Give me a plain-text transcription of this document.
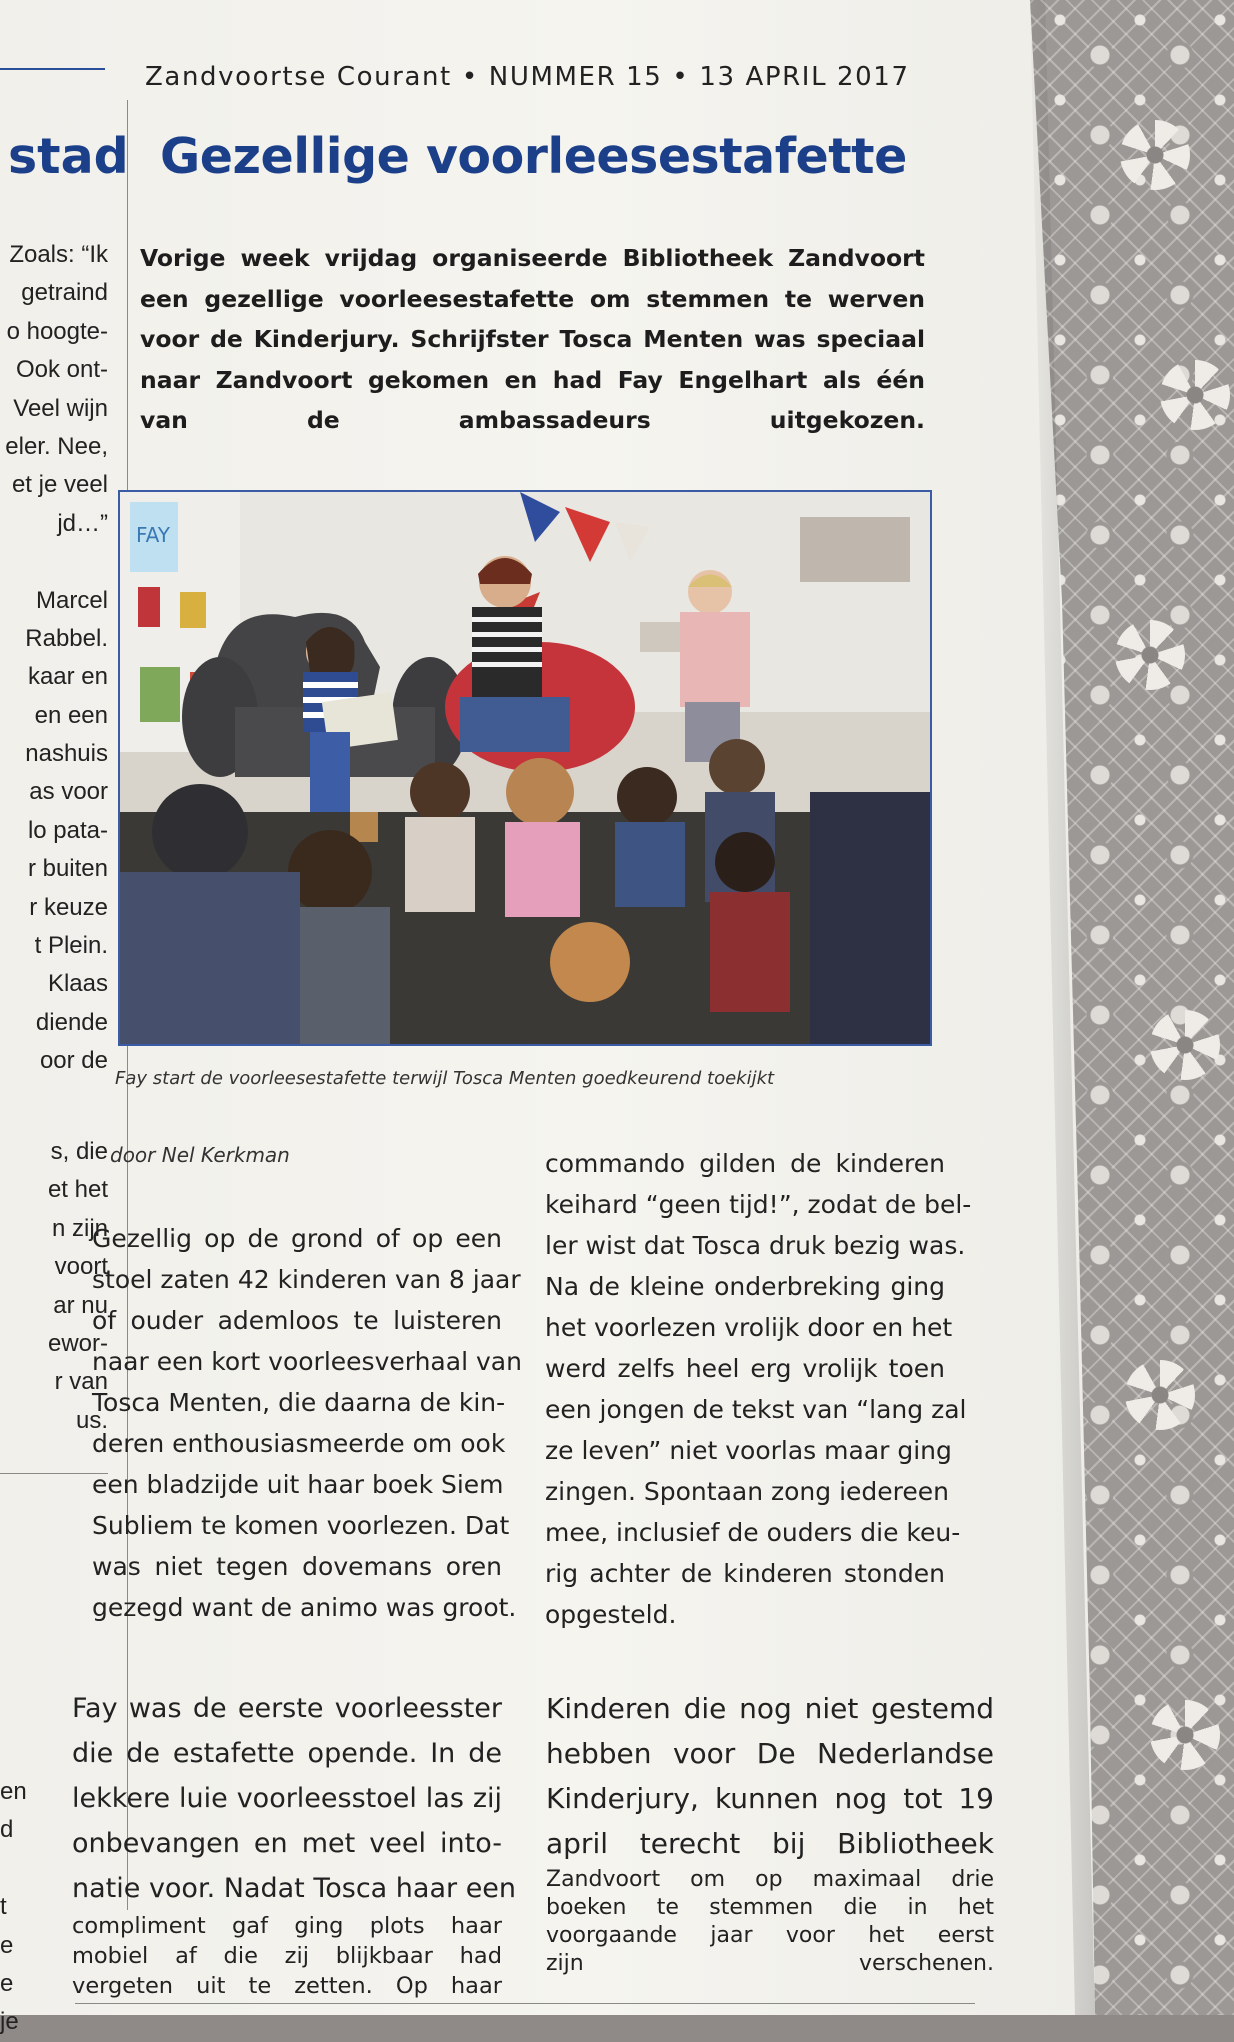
Zandvoortse Courant • NUMMER 15 • 13 APRIL 2017
stad
Zoals: “Ik
getraind
o hoogte-
Ook ont-
Veel wijn
eler. Nee,
et je veel
jd…”

Marcel
Rabbel.
kaar en
en een
nashuis
as voor
lo pata-
r buiten
r keuze
t Plein.
Klaas
diende
oor de
s, die
et het
n zijn
voort
ar nu
ewor-
r van
us.
en
d

t
e
e
je
Gezellige voorleesestafette
Vorige week vrijdag organiseerde Bibliotheek Zandvoort
een gezellige voorleesestafette om stemmen te werven
voor de Kinderjury. Schrijfster Tosca Menten was speciaal
naar Zandvoort gekomen en had Fay Engelhart als één
van de ambassadeurs uitgekozen.
FAY
Fay start de voorleesestafette terwijl Tosca Menten goedkeurend toekijkt
door Nel Kerkman
Gezellig op de grond of op een
stoel zaten 42 kinderen van 8 jaar
of ouder ademloos te luisteren
naar een kort voorleesverhaal van
Tosca Menten, die daarna de kin-
deren enthousiasmeerde om ook
een bladzijde uit haar boek Siem
Subliem te komen voorlezen. Dat
was niet tegen dovemans oren
gezegd want de animo was groot.
Fay was de eerste voorleesster
die de estafette opende. In de
lekkere luie voorleesstoel las zij
onbevangen en met veel into-
natie voor. Nadat Tosca haar een
compliment gaf ging plots haar
mobiel af die zij blijkbaar had
vergeten uit te zetten. Op haar
commando gilden de kinderen
keihard “geen tijd!”, zodat de bel-
ler wist dat Tosca druk bezig was.
Na de kleine onderbreking ging
het voorlezen vrolijk door en het
werd zelfs heel erg vrolijk toen
een jongen de tekst van “lang zal
ze leven” niet voorlas maar ging
zingen. Spontaan zong iedereen
mee, inclusief de ouders die keu-
rig achter de kinderen stonden
opgesteld.
Kinderen die nog niet gestemd
hebben voor De Nederlandse
Kinderjury, kunnen nog tot 19
april terecht bij Bibliotheek
Zandvoort om op maximaal drie
boeken te stemmen die in het
voorgaande jaar voor het eerst
zijn verschenen.
